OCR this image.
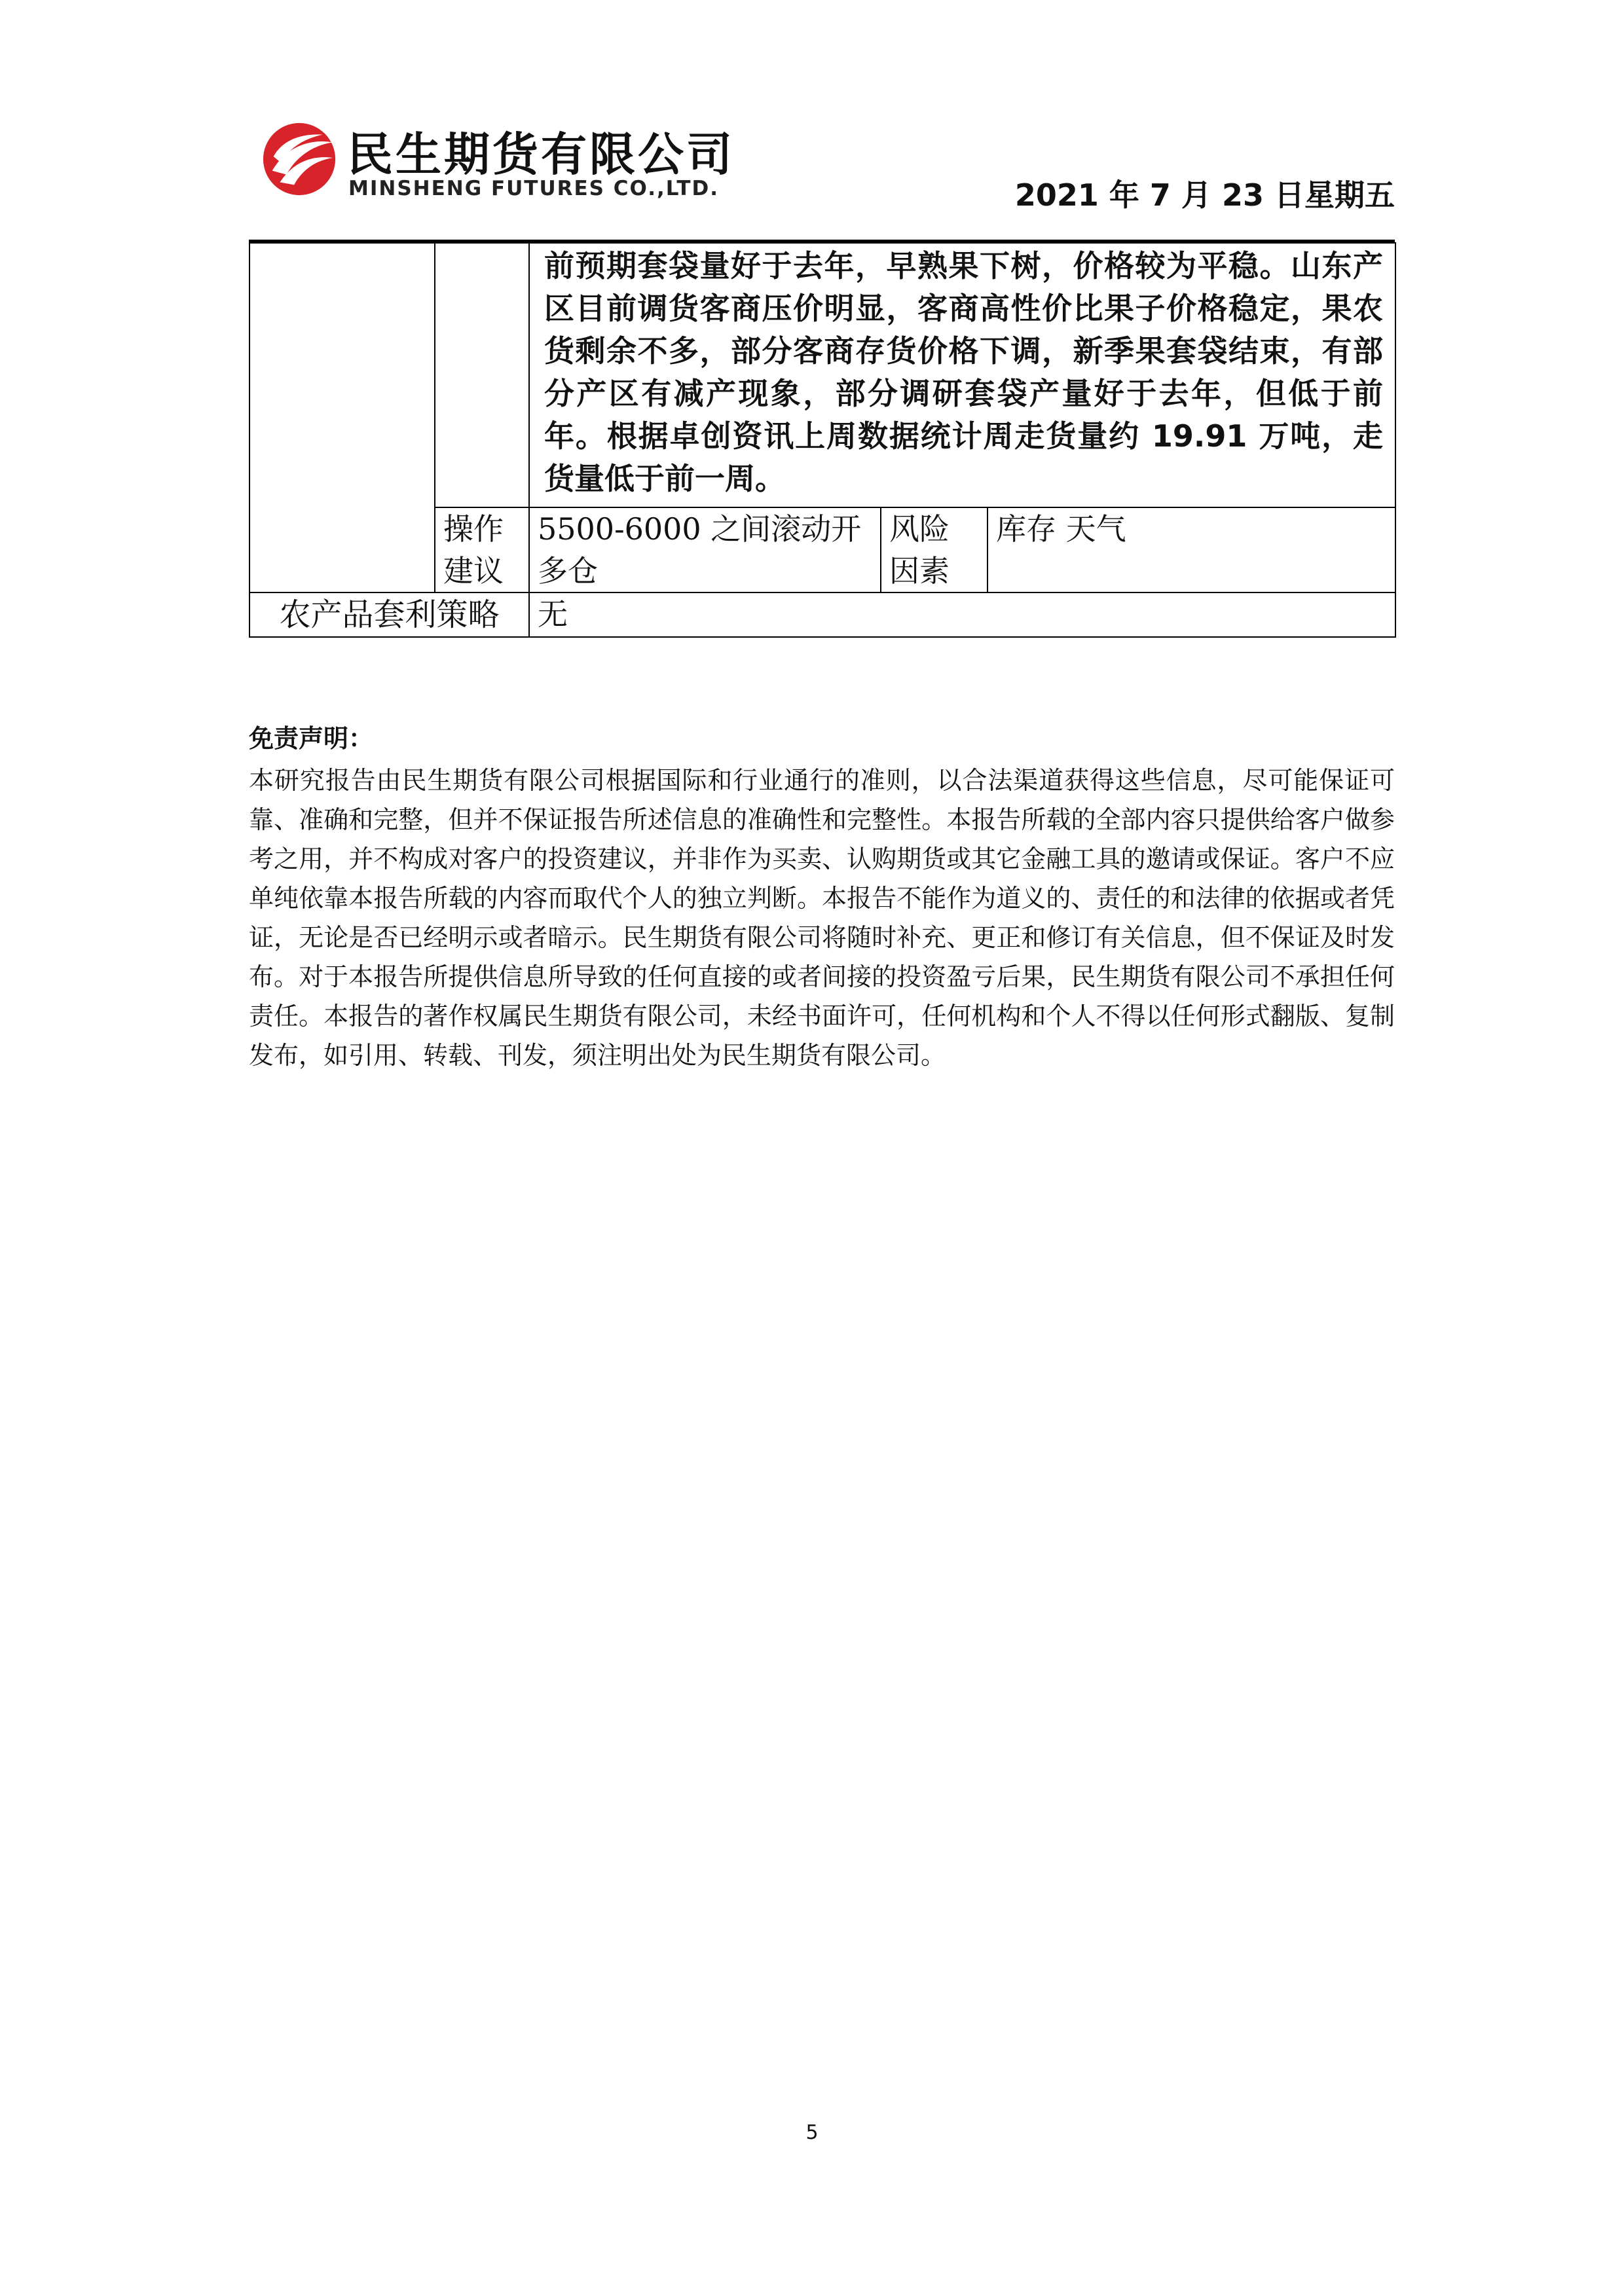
民生期货有限公司
MINSHENG FUTURES CO.,LTD.	2021 年 7 月 23 日星期五
		前预期套袋量好于去年，早熟果下树，价格较为平稳。山东产区目前调货客商压价明显，客商高性价比果子价格稳定，果农货剩余不多，部分客商存货价格下调，新季果套袋结束，有部分产区有减产现象，部分调研套袋产量好于去年，但低于前年。根据卓创资讯上周数据统计周走货量约 19.91 万吨，走货量低于前一周。		
	操作建议	5500-6000 之间滚动开多仓	风险因素	库存 天气
农产品套利策略		无		
免责声明：

本研究报告由民生期货有限公司根据国际和行业通行的准则，以合法渠道获得这些信息，尽可能保证可靠、准确和完整，但并不保证报告所述信息的准确性和完整性。本报告所载的全部内容只提供给客户做参考之用，并不构成对客户的投资建议，并非作为买卖、认购期货或其它金融工具的邀请或保证。客户不应单纯依靠本报告所载的内容而取代个人的独立判断。本报告不能作为道义的、责任的和法律的依据或者凭证，无论是否已经明示或者暗示。民生期货有限公司将随时补充、更正和修订有关信息，但不保证及时发布。对于本报告所提供信息所导致的任何直接的或者间接的投资盈亏后果，民生期货有限公司不承担任何责任。本报告的著作权属民生期货有限公司，未经书面许可，任何机构和个人不得以任何形式翻版、复制发布，如引用、转载、刊发，须注明出处为民生期货有限公司。

5
